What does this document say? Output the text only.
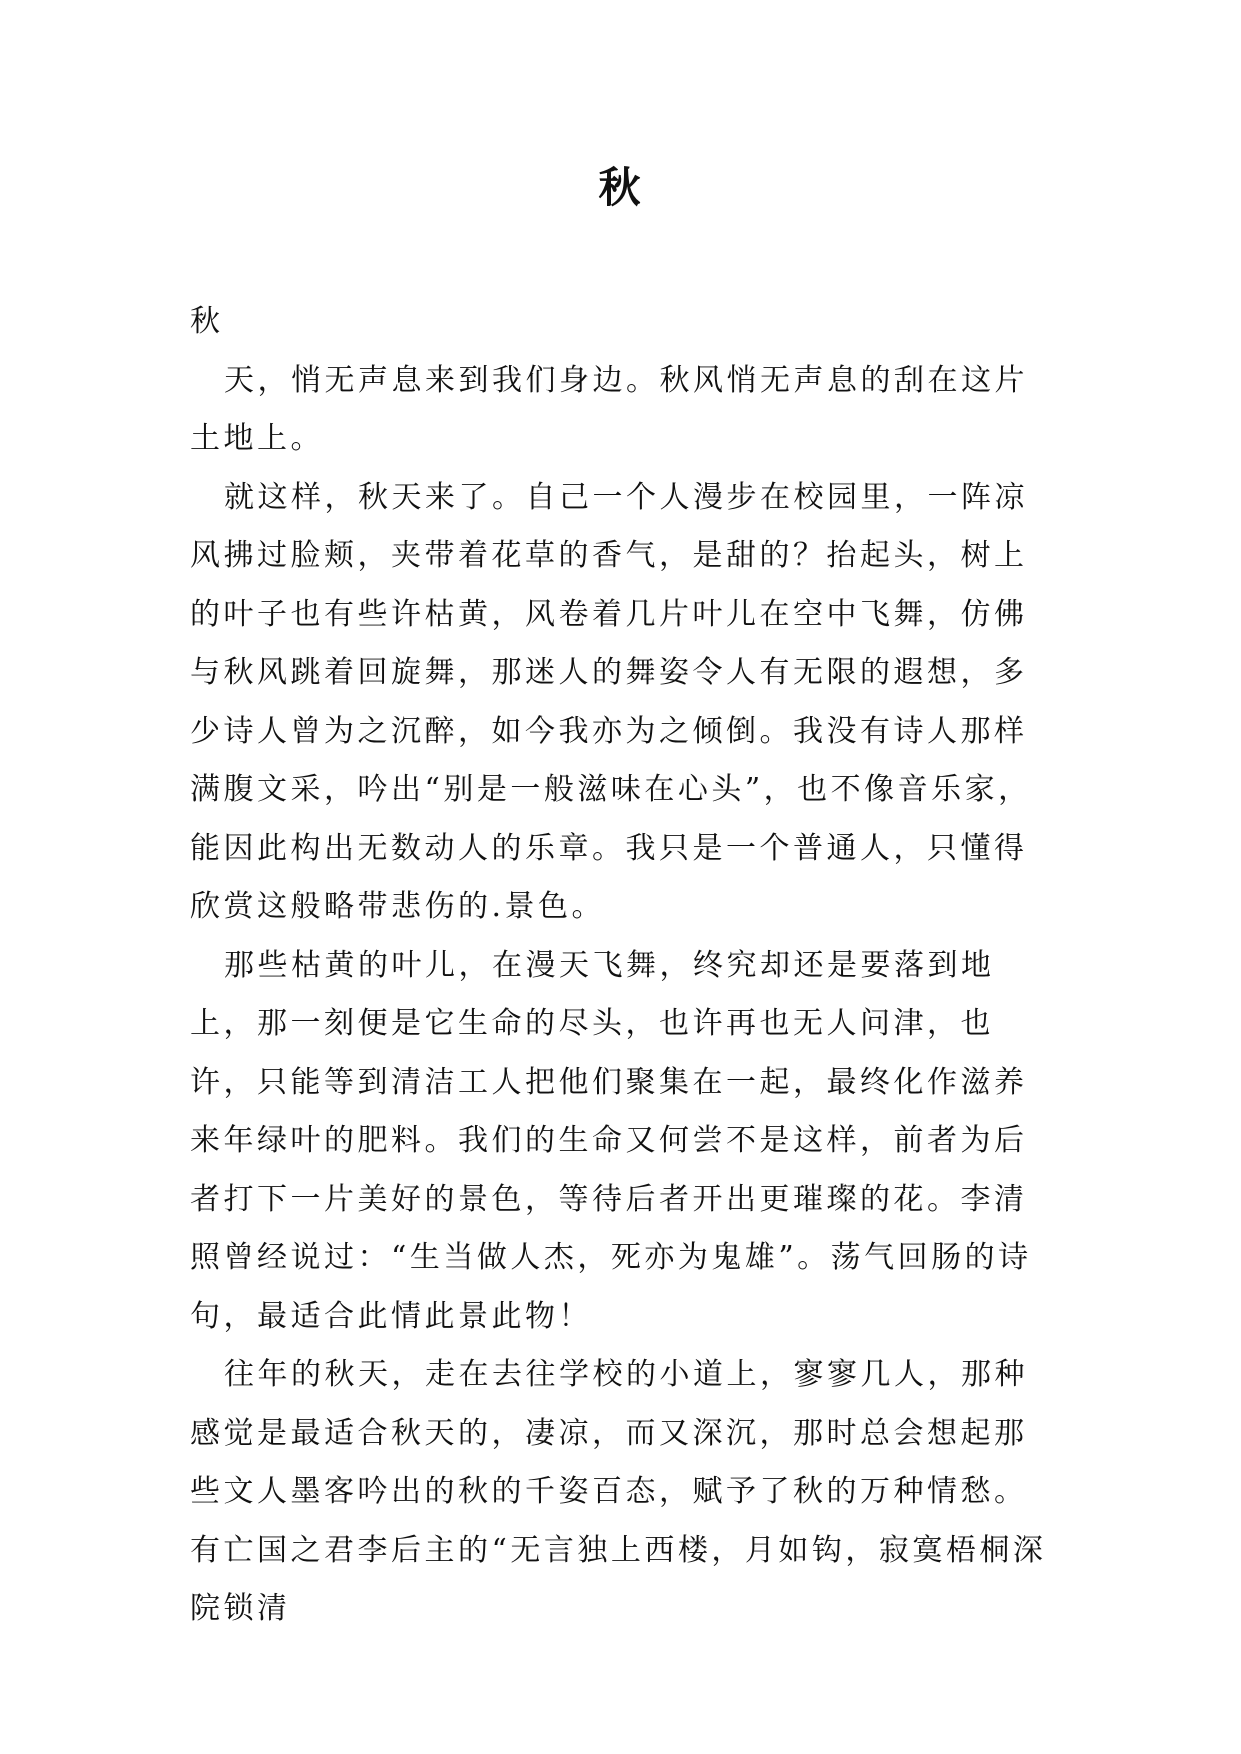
秋

秋

天，悄无声息来到我们身边。秋风悄无声息的刮在这片土地上。

就这样，秋天来了。自己一个人漫步在校园里，一阵凉风拂过脸颊，夹带着花草的香气，是甜的？抬起头，树上的叶子也有些许枯黄，风卷着几片叶儿在空中飞舞，仿佛与秋风跳着回旋舞，那迷人的舞姿令人有无限的遐想，多少诗人曾为之沉醉，如今我亦为之倾倒。我没有诗人那样满腹文采，吟出“别是一般滋味在心头”，也不像音乐家，能因此构出无数动人的乐章。我只是一个普通人，只懂得欣赏这般略带悲伤的.景色。

那些枯黄的叶儿，在漫天飞舞，终究却还是要落到地上，那一刻便是它生命的尽头，也许再也无人问津，也许，只能等到清洁工人把他们聚集在一起，最终化作滋养来年绿叶的肥料。我们的生命又何尝不是这样，前者为后者打下一片美好的景色，等待后者开出更璀璨的花。李清照曾经说过：“生当做人杰，死亦为鬼雄”。荡气回肠的诗句，最适合此情此景此物！

往年的秋天，走在去往学校的小道上，寥寥几人，那种感觉是最适合秋天的，凄凉，而又深沉，那时总会想起那些文人墨客吟出的秋的千姿百态，赋予了秋的万种情愁。有亡国之君李后主的“无言独上西楼，月如钩，寂寞梧桐深院锁清
